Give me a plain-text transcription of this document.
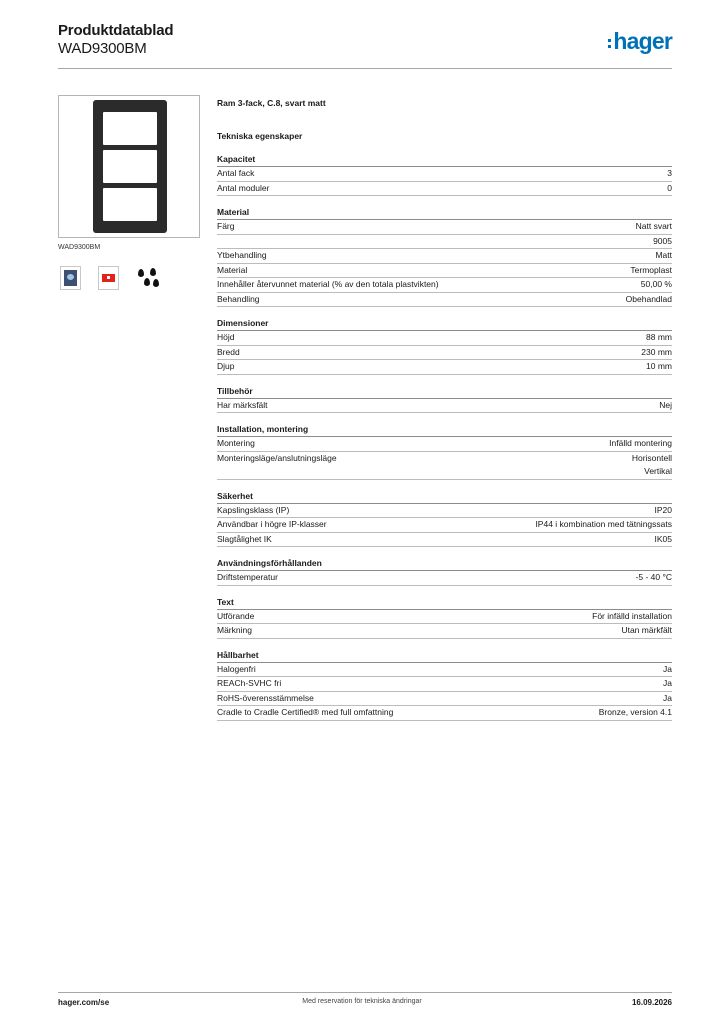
Produktdatablad
WAD9300BM	hager
WAD9300BM
Ram 3-fack, C.8, svart matt
Tekniska egenskaper
Kapacitet
Antal fack	3
Antal moduler	0
Material
Färg	Natt svart
9005
Ytbehandling	Matt
Material	Termoplast
Innehåller återvunnet material (% av den totala plastvikten)	50,00 %
Behandling	Obehandlad
Dimensioner
Höjd	88 mm
Bredd	230 mm
Djup	10 mm
Tillbehör
Har märksfält	Nej
Installation, montering
Montering	Infälld montering
Monteringsläge/anslutningsläge	Horisontell
Vertikal
Säkerhet
Kapslingsklass (IP)	IP20
Användbar i högre IP-klasser	IP44 i kombination med tätningssats
Slagtålighet IK	IK05
Användningsförhållanden
Driftstemperatur	-5 - 40 °C
Text
Utförande	För infälld installation
Märkning	Utan märkfält
Hållbarhet
Halogenfri	Ja
REACh-SVHC fri	Ja
RoHS-överensstämmelse	Ja
Cradle to Cradle Certified® med full omfattning	Bronze, version 4.1
hager.com/se	Med reservation för tekniska ändringar	16.09.2026
